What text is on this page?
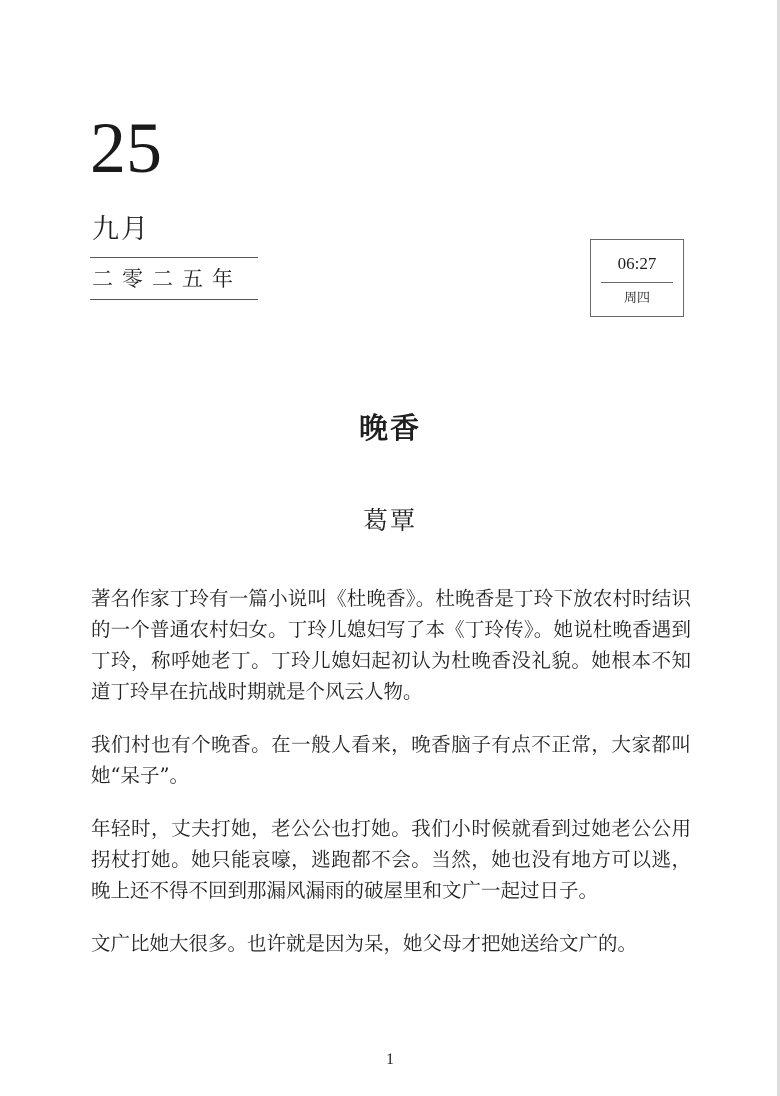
25
九月
二零二五年
06:27
周四
晚香
葛覃

著名作家丁玲有一篇小说叫《杜晚香》。杜晚香是丁玲下放农村时结识的一个普通农村妇女。丁玲儿媳妇写了本《丁玲传》。她说杜晚香遇到丁玲，称呼她老丁。丁玲儿媳妇起初认为杜晚香没礼貌。她根本不知道丁玲早在抗战时期就是个风云人物。

我们村也有个晚香。在一般人看来，晚香脑子有点不正常，大家都叫她“呆子”。

年轻时，丈夫打她，老公公也打她。我们小时候就看到过她老公公用拐杖打她。她只能哀嚎，逃跑都不会。当然，她也没有地方可以逃，晚上还不得不回到那漏风漏雨的破屋里和文广一起过日子。

文广比她大很多。也许就是因为呆，她父母才把她送给文广的。

1
